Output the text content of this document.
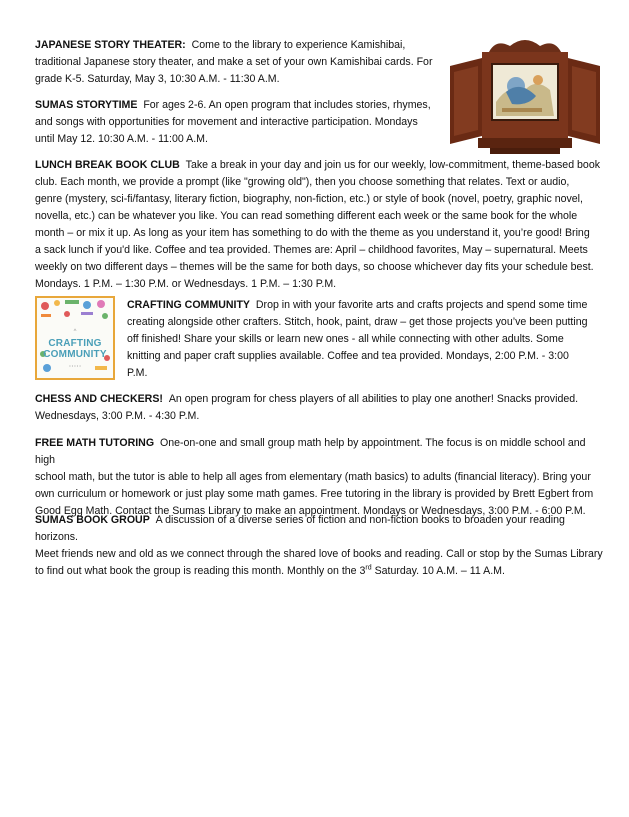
JAPANESE STORY THEATER: Come to the library to experience Kamishibai,
traditional Japanese story theater, and make a set of your own Kamishibai cards. For
grade K-5. Saturday, May 3, 10:30 A.M. - 11:30 A.M.
SUMAS STORYTIME For ages 2-6. An open program that includes stories, rhymes,
and songs with opportunities for movement and interactive participation. Mondays
until May 12. 10:30 A.M. - 11:00 A.M.
LUNCH BREAK BOOK CLUB Take a break in your day and join us for our weekly, low-commitment, theme-based book
club. Each month, we provide a prompt (like "growing old"), then you choose something that relates. Text or audio,
genre (mystery, sci-fi/fantasy, literary fiction, biography, non-fiction, etc.) or style of book (novel, poetry, graphic novel,
novella, etc.) can be whatever you like. You can read something different each week or the same book for the whole
month – or mix it up. As long as your item has something to do with the theme as you understand it, you’re good! Bring
a sack lunch if you'd like. Coffee and tea provided. Themes are: April – childhood favorites, May – supernatural. Meets
weekly on two different days – themes will be the same for both days, so choose whichever day fits your schedule best.
Mondays. 1 P.M. – 1:30 P.M. or Wednesdays. 1 P.M. – 1:30 P.M.
^
CRAFTING
COMMUNITY
• • • • •
CRAFTING COMMUNITY Drop in with your favorite arts and crafts projects and spend some time
creating alongside other crafters. Stitch, hook, paint, draw – get those projects you’ve been putting
off finished! Share your skills or learn new ones - all while connecting with other adults. Some
knitting and paper craft supplies available. Coffee and tea provided. Mondays, 2:00 P.M. - 3:00
P.M.
CHESS AND CHECKERS! An open program for chess players of all abilities to play one another! Snacks provided.
Wednesdays, 3:00 P.M. - 4:30 P.M.
FREE MATH TUTORING One-on-one and small group math help by appointment. The focus is on middle school and high
school math, but the tutor is able to help all ages from elementary (math basics) to adults (financial literacy). Bring your
own curriculum or homework or just play some math games. Free tutoring in the library is provided by Brett Egbert from
Good Egg Math. Contact the Sumas Library to make an appointment. Mondays or Wednesdays, 3:00 P.M. - 6:00 P.M.
SUMAS BOOK GROUP A discussion of a diverse series of fiction and non-fiction books to broaden your reading horizons.
Meet friends new and old as we connect through the shared love of books and reading. Call or stop by the Sumas Library
to find out what book the group is reading this month. Monthly on the 3rd Saturday. 10 A.M. – 11 A.M.
